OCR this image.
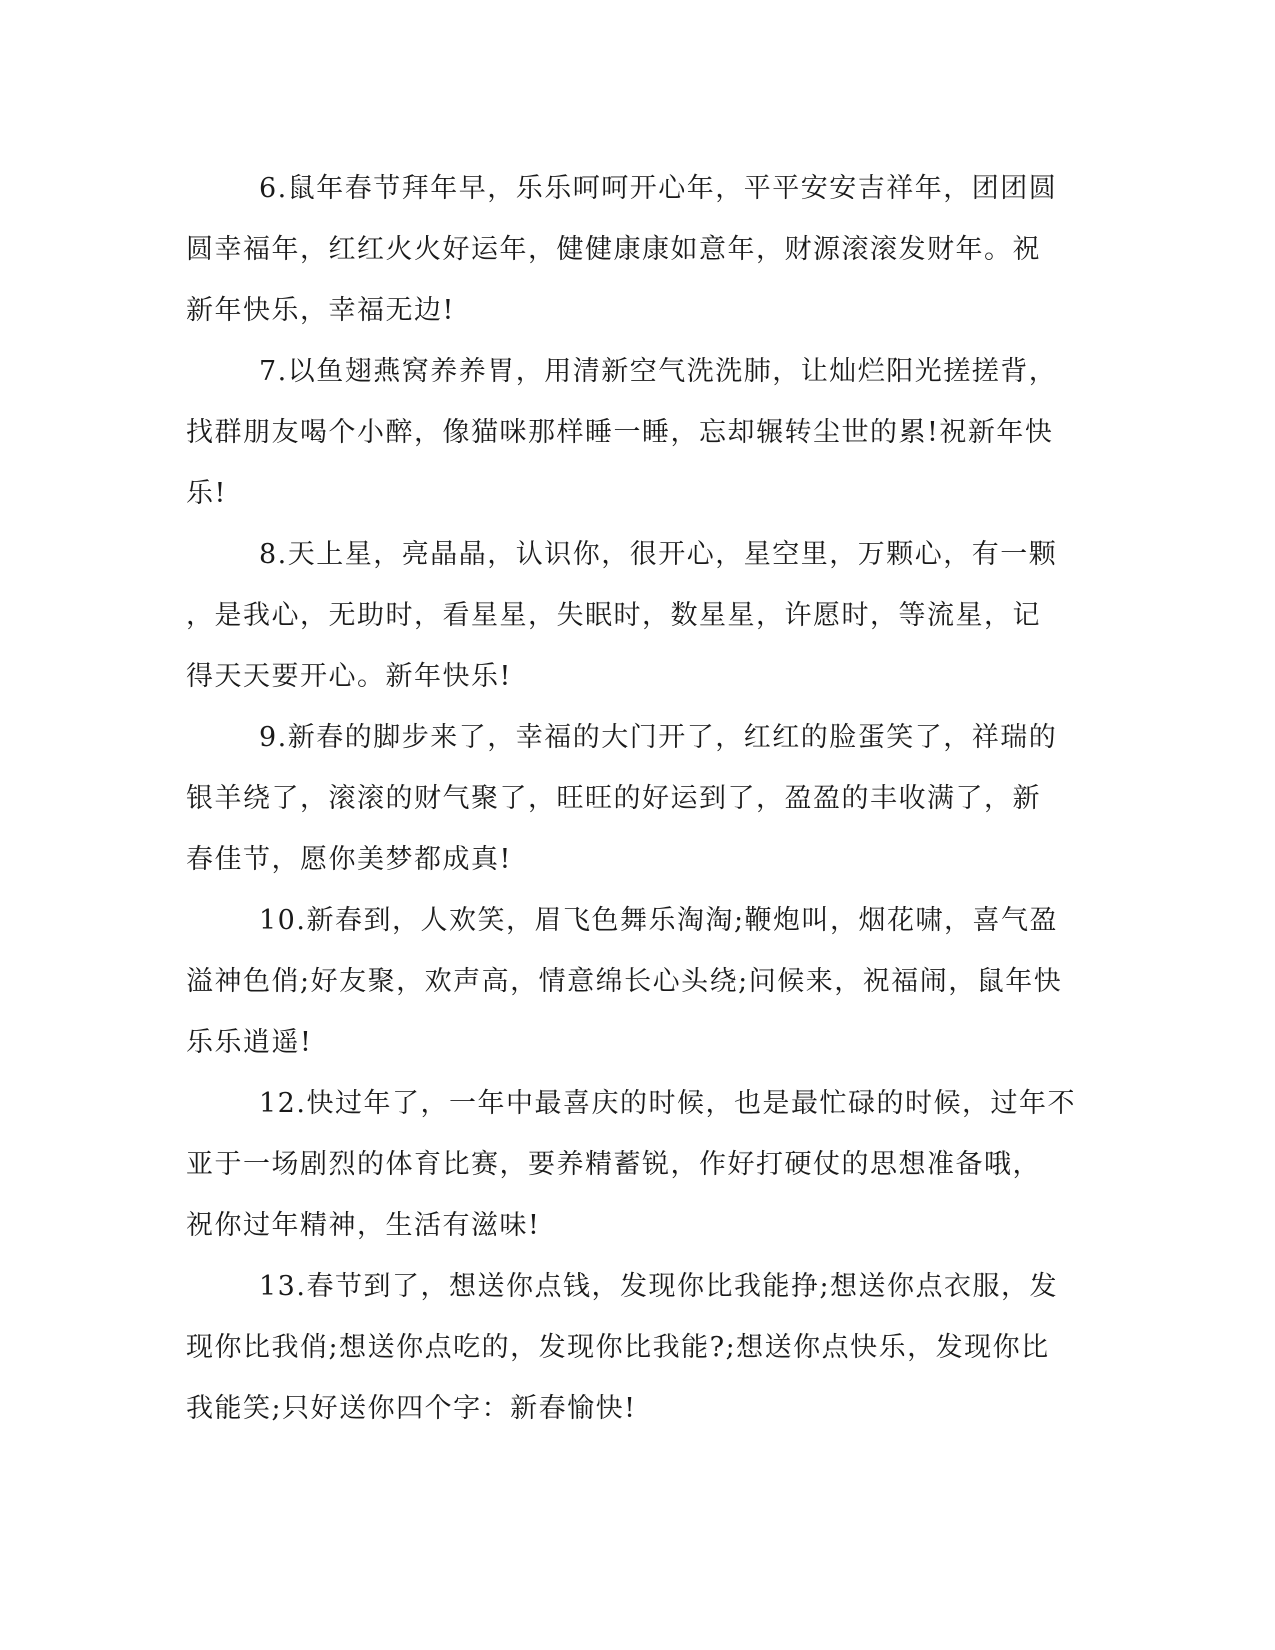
6.鼠年春节拜年早，乐乐呵呵开心年，平平安安吉祥年，团团圆
圆幸福年，红红火火好运年，健健康康如意年，财源滚滚发财年。祝
新年快乐，幸福无边!
7.以鱼翅燕窝养养胃，用清新空气洗洗肺，让灿烂阳光搓搓背，
找群朋友喝个小醉，像猫咪那样睡一睡，忘却辗转尘世的累!祝新年快
乐!
8.天上星，亮晶晶，认识你，很开心，星空里，万颗心，有一颗
，是我心，无助时，看星星，失眠时，数星星，许愿时，等流星，记
得天天要开心。新年快乐!
9.新春的脚步来了，幸福的大门开了，红红的脸蛋笑了，祥瑞的
银羊绕了，滚滚的财气聚了，旺旺的好运到了，盈盈的丰收满了，新
春佳节，愿你美梦都成真!
10.新春到，人欢笑，眉飞色舞乐淘淘;鞭炮叫，烟花啸，喜气盈
溢神色俏;好友聚，欢声高，情意绵长心头绕;问候来，祝福闹，鼠年快
乐乐逍遥!
12.快过年了，一年中最喜庆的时候，也是最忙碌的时候，过年不
亚于一场剧烈的体育比赛，要养精蓄锐，作好打硬仗的思想准备哦，
祝你过年精神，生活有滋味!
13.春节到了，想送你点钱，发现你比我能挣;想送你点衣服，发
现你比我俏;想送你点吃的，发现你比我能?;想送你点快乐，发现你比
我能笑;只好送你四个字：新春愉快!
